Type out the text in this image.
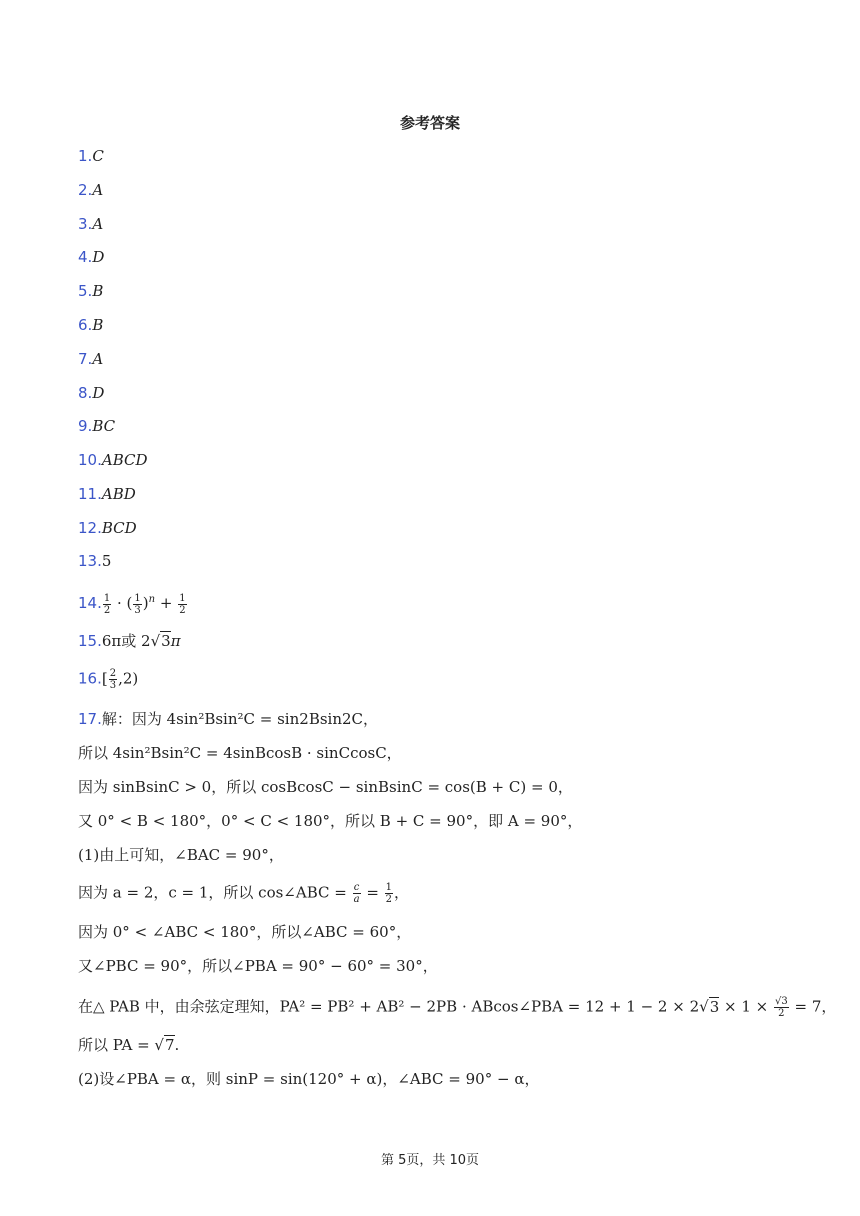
参考答案
1.C
2.A
3.A
4.D
5.B
6.B
7.A
8.D
9.BC
10.ABCD
11.ABD
12.BCD
13.5
14. $\frac{1}{2}$ · ( $\frac{1}{3} )^n + \frac{1}{2}$
15.6π或 2√3π
$16.[ \frac{2}{3} ,2)$
17.解：因为 4sin²Bsin²C = sin2Bsin2C，
所以 4sin²Bsin²C = 4sinBcosB · sinCcosC，
因为 sinBsinC > 0，所以 cosBcosC − sinBsinC = cos(B + C) = 0，
又 0° < B < 180°，0° < C < 180°，所以 B + C = 90°，即 A = 90°，
(1)由上可知，∠BAC = 90°，
因为 a = 2，c = 1，所以 cos∠ABC = $\frac{c}{a} = \frac{1}{2}$ ，
因为 0° < ∠ABC < 180°，所以∠ABC = 60°，
又∠PBC = 90°，所以∠PBA = 90° − 60° = 30°，
在△ PAB 中，由余弦定理知，PA² = PB² + AB² − 2PB · ABcos∠PBA = $12 + 1 - 2 \times 2√3 \times 1 \times \frac{√3}{2} = 7$，
所以 PA = √7.
(2)设∠PBA = α，则 sinP = sin(120° + α)，∠ABC = 90° − α，
第 5页，共 10页
